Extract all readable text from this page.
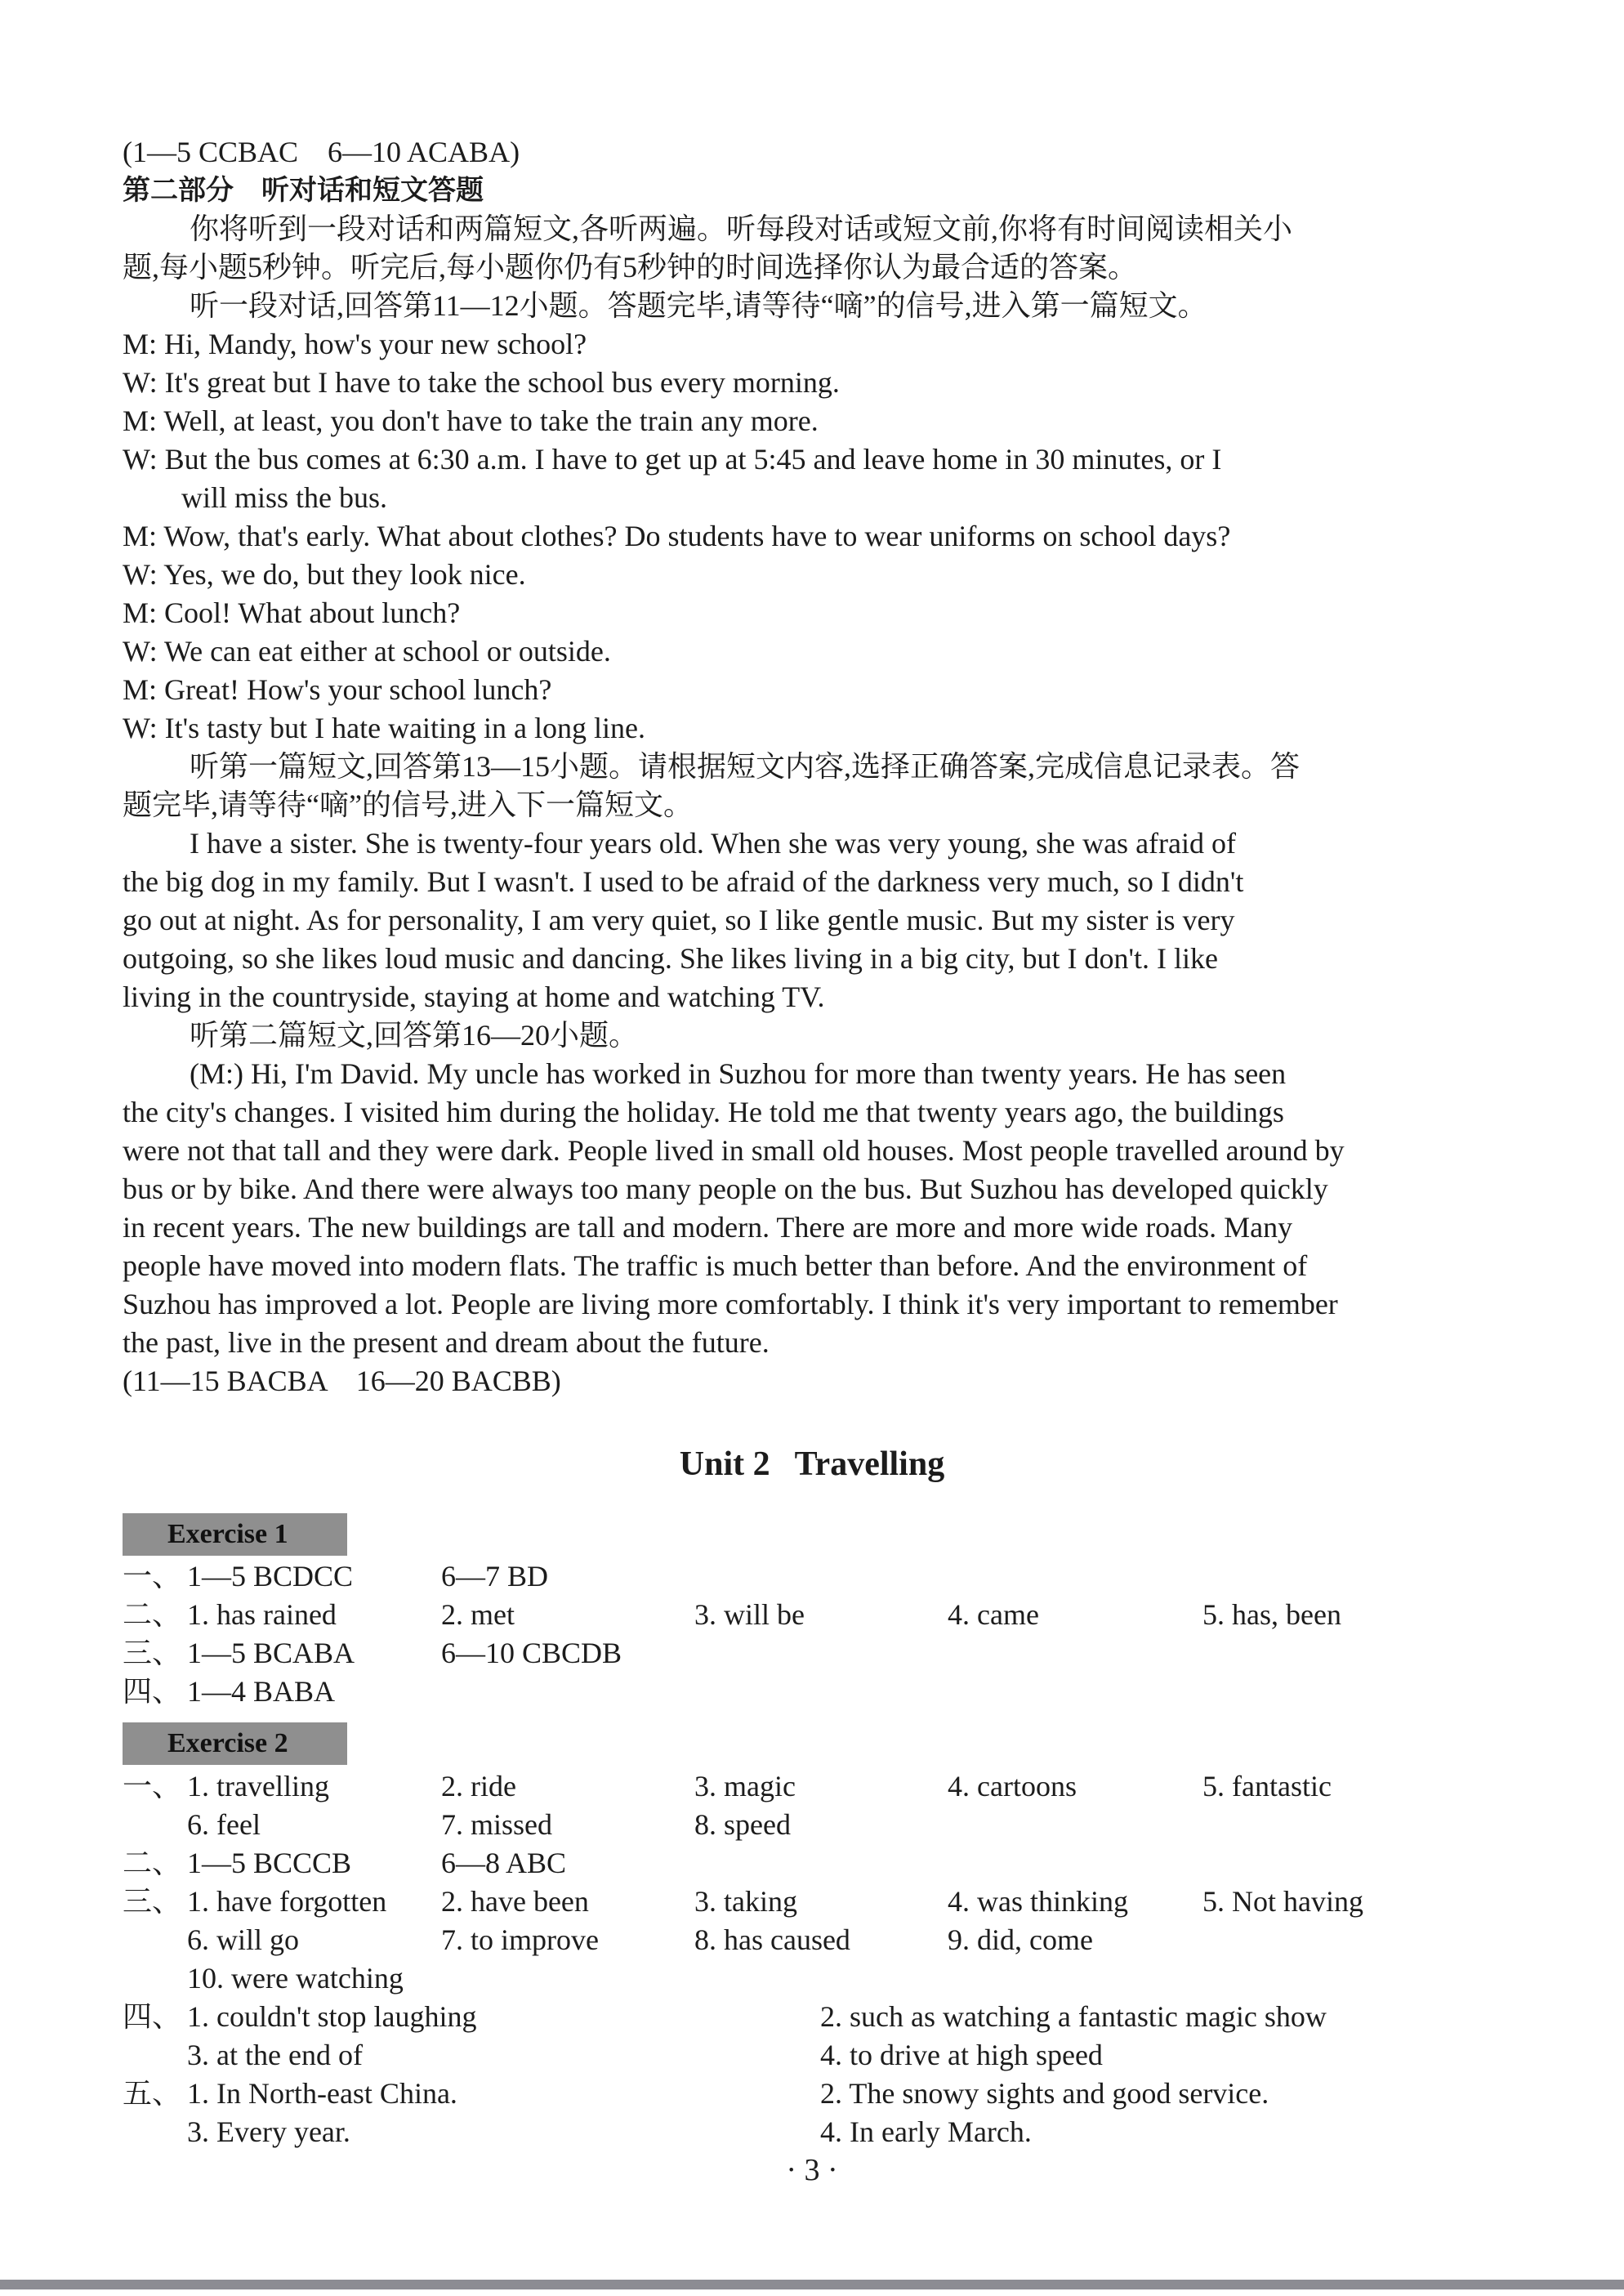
(1—5 CCBAC　6—10 ACABA)
第二部分　听对话和短文答题
你将听到一段对话和两篇短文,各听两遍。听每段对话或短文前,你将有时间阅读相关小
题,每小题5秒钟。听完后,每小题你仍有5秒钟的时间选择你认为最合适的答案。
听一段对话,回答第11—12小题。答题完毕,请等待“嘀”的信号,进入第一篇短文。
M: Hi, Mandy, how's your new school?
W: It's great but I have to take the school bus every morning.
M: Well, at least, you don't have to take the train any more.
W: But the bus comes at 6:30 a.m. I have to get up at 5:45 and leave home in 30 minutes, or I
will miss the bus.
M: Wow, that's early. What about clothes? Do students have to wear uniforms on school days?
W: Yes, we do, but they look nice.
M: Cool! What about lunch?
W: We can eat either at school or outside.
M: Great! How's your school lunch?
W: It's tasty but I hate waiting in a long line.
听第一篇短文,回答第13—15小题。请根据短文内容,选择正确答案,完成信息记录表。答
题完毕,请等待“嘀”的信号,进入下一篇短文。
I have a sister. She is twenty-four years old. When she was very young, she was afraid of
the big dog in my family. But I wasn't. I used to be afraid of the darkness very much, so I didn't
go out at night. As for personality, I am very quiet, so I like gentle music. But my sister is very
outgoing, so she likes loud music and dancing. She likes living in a big city, but I don't. I like
living in the countryside, staying at home and watching TV.
听第二篇短文,回答第16—20小题。
(M:) Hi, I'm David. My uncle has worked in Suzhou for more than twenty years. He has seen
the city's changes. I visited him during the holiday. He told me that twenty years ago, the buildings
were not that tall and they were dark. People lived in small old houses. Most people travelled around by
bus or by bike. And there were always too many people on the bus. But Suzhou has developed quickly
in recent years. The new buildings are tall and modern. There are more and more wide roads. Many
people have moved into modern flats. The traffic is much better than before. And the environment of
Suzhou has improved a lot. People are living more comfortably. I think it's very important to remember
the past, live in the present and dream about the future.
(11—15 BACBA　16—20 BACBB)
Unit 2 Travelling
Exercise 1
一、 1—5 BCDCC	6—7 BD
二、 1. has rained	2. met	3. will be	4. came	5. has, been
三、 1—5 BCABA	6—10 CBCDB
四、 1—4 BABA
Exercise 2
一、 1. travelling	2. ride	3. magic	4. cartoons	5. fantastic
6. feel	7. missed	8. speed
二、 1—5 BCCCB	6—8 ABC
三、 1. have forgotten 2. have been	3. taking	4. was thinking	5. Not having
6. will go	7. to improve	8. has caused	9. did, come
10. were watching
四、 1. couldn't stop laughing	2. such as watching a fantastic magic show
3. at the end of	4. to drive at high speed
五、 1. In North-east China.	2. The snowy sights and good service.
3. Every year.	4. In early March.
· 3 ·
